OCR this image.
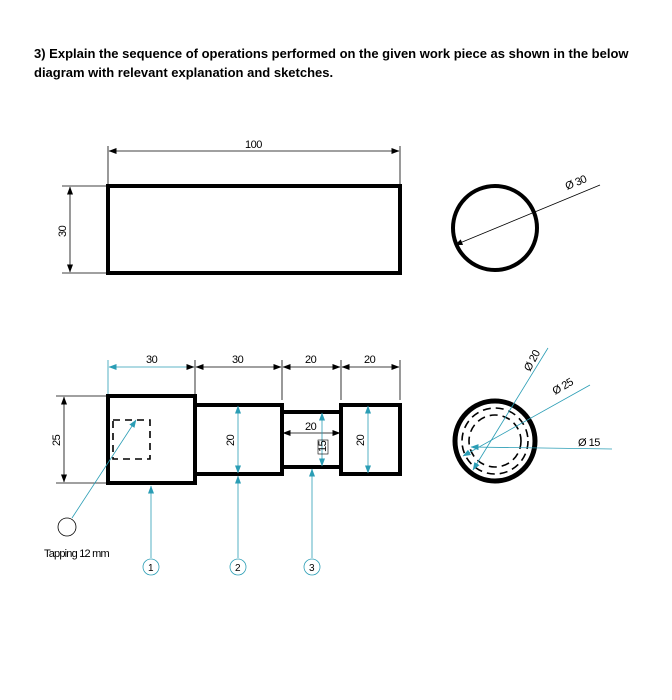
3) Explain the sequence of operations performed on the given work piece as shown in the below diagram with relevant explanation and sketches.
100
30
Ø 30
30	30	20	20
25	20
20
15
20
Tapping 12 mm
1	2	3
Ø 20
Ø 25
Ø 15
